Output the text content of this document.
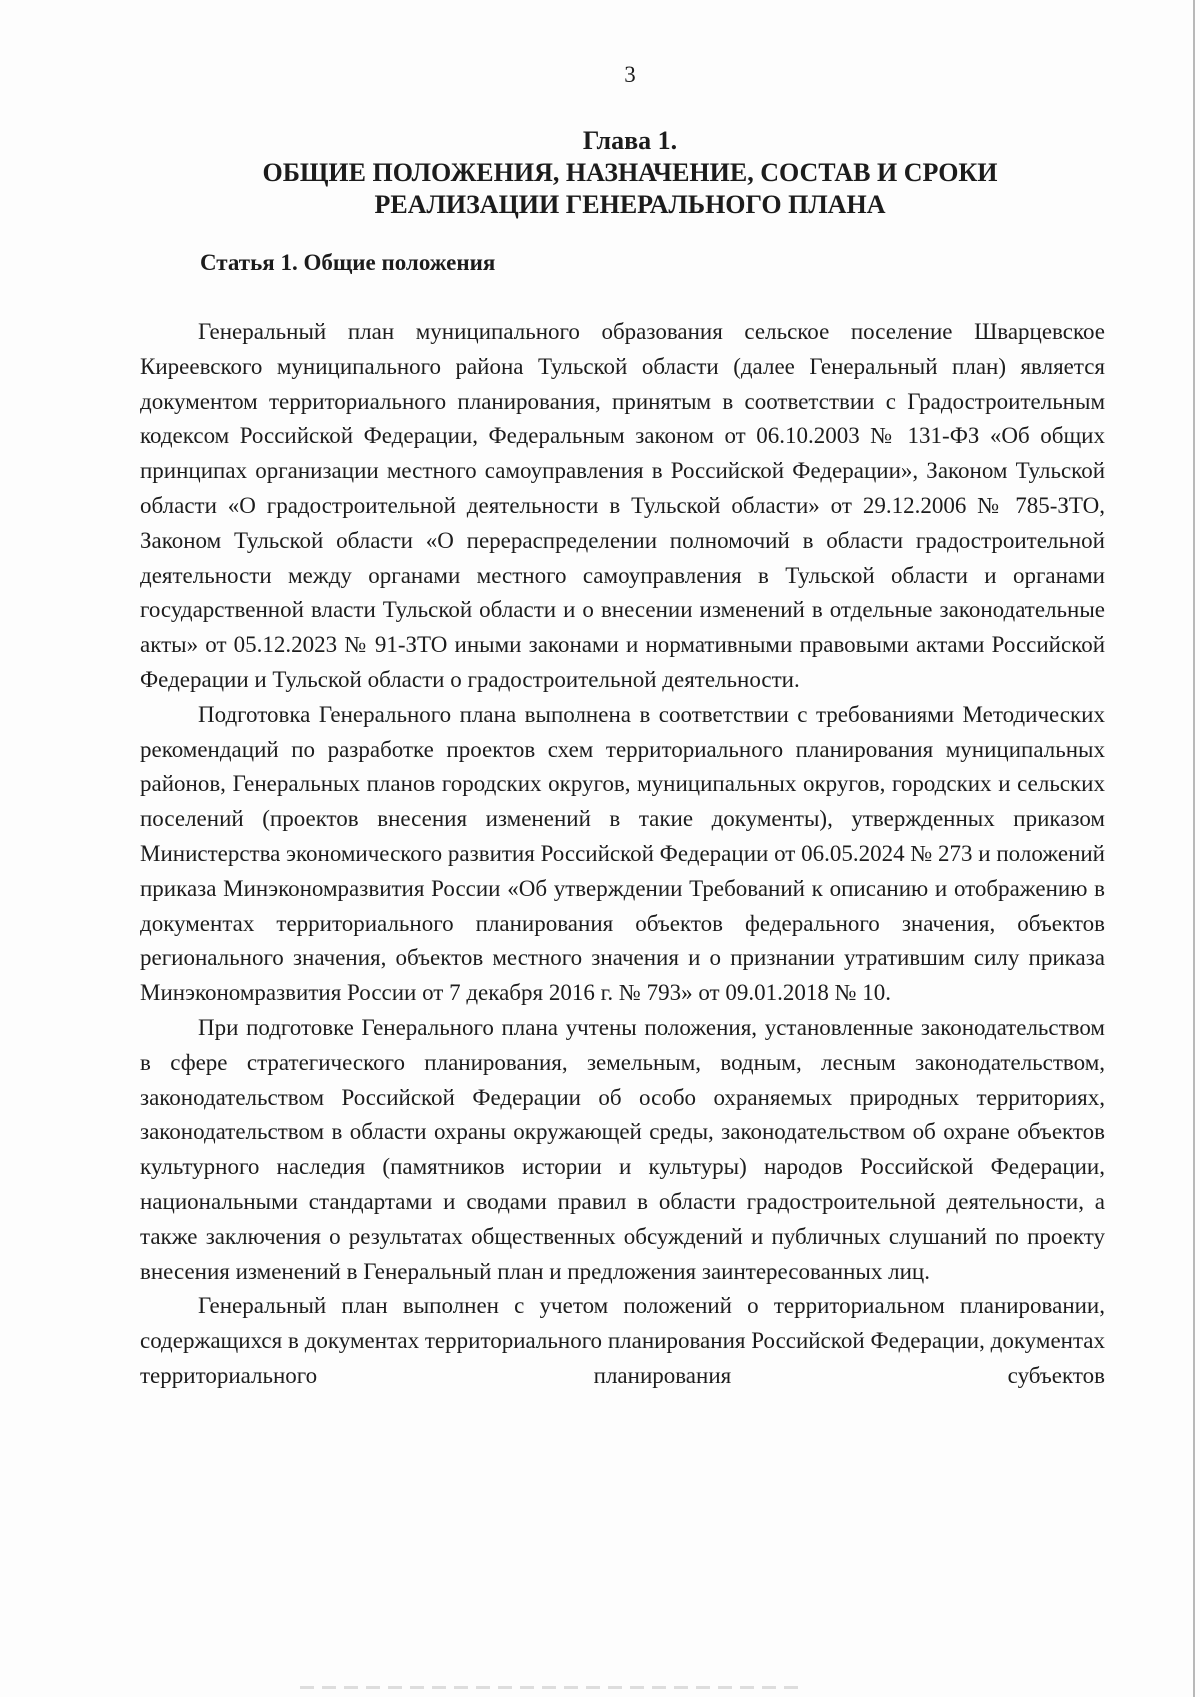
3
Глава 1.
ОБЩИЕ ПОЛОЖЕНИЯ, НАЗНАЧЕНИЕ, СОСТАВ И СРОКИ
РЕАЛИЗАЦИИ ГЕНЕРАЛЬНОГО ПЛАНА
Статья 1. Общие положения

Генеральный план муниципального образования сельское поселение Шварцевское Киреевского муниципального района Тульской области (далее Генеральный план) является документом территориального планирования, принятым в соответствии с Градостроительным кодексом Российской Федерации, Федеральным законом от 06.10.2003 № 131-ФЗ «Об общих принципах организации местного самоуправления в Российской Федерации», Законом Тульской области «О градостроительной деятельности в Тульской области» от 29.12.2006 № 785-ЗТО, Законом Тульской области «О перераспределении полномочий в области градостроительной деятельности между органами местного самоуправления в Тульской области и органами государственной власти Тульской области и о внесении изменений в отдельные законодательные акты» от 05.12.2023 № 91-ЗТО иными законами и нормативными правовыми актами Российской Федерации и Тульской области о градостроительной деятельности.

Подготовка Генерального плана выполнена в соответствии с требованиями Методических рекомендаций по разработке проектов схем территориального планирования муниципальных районов, Генеральных планов городских округов, муниципальных округов, городских и сельских поселений (проектов внесения изменений в такие документы), утвержденных приказом Министерства экономического развития Российской Федерации от 06.05.2024 № 273 и положений приказа Минэкономразвития России «Об утверждении Требований к описанию и отображению в документах территориального планирования объектов федерального значения, объектов регионального значения, объектов местного значения и о признании утратившим силу приказа Минэкономразвития России от 7 декабря 2016 г. № 793» от 09.01.2018 № 10.

При подготовке Генерального плана учтены положения, установленные законодательством в сфере стратегического планирования, земельным, водным, лесным законодательством, законодательством Российской Федерации об особо охраняемых природных территориях, законодательством в области охраны окружающей среды, законодательством об охране объектов культурного наследия (памятников истории и культуры) народов Российской Федерации, национальными стандартами и сводами правил в области градостроительной деятельности, а также заключения о результатах общественных обсуждений и публичных слушаний по проекту внесения изменений в Генеральный план и предложения заинтересованных лиц.

Генеральный план выполнен с учетом положений о территориальном планировании, содержащихся в документах территориального планирования Российской Федерации, документах территориального планирования субъектов
